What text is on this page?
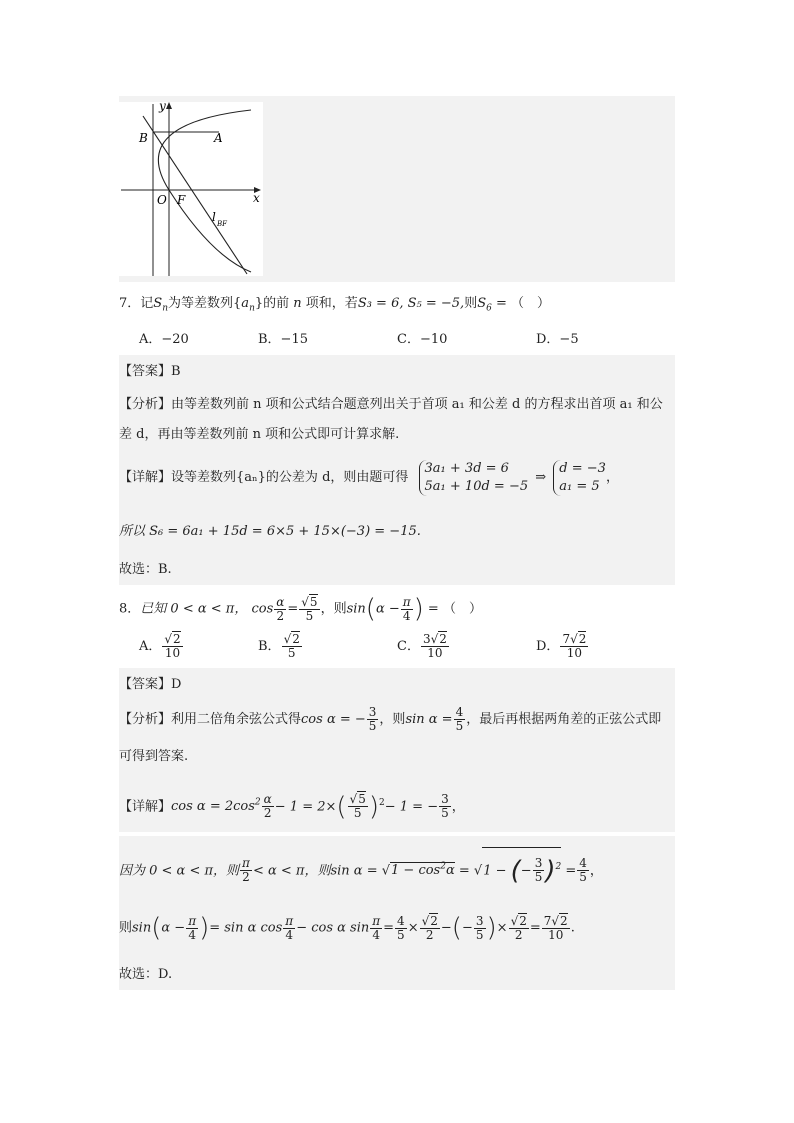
y
x
B	A
O F
l BF
7．记$S_n$为等差数列$\{a_n\}$的前 n 项和，若S₃ = 6, S₅ = −5,则$S_6$ = （　）
A．−20	B．−15	C．−10	D．−5
【答案】B
【分析】由等差数列前 n 项和公式结合题意列出关于首项 a₁ 和公差 d 的方程求出首项 a₁ 和公
差 d，再由等差数列前 n 项和公式即可计算求解.
【详解】设等差数列{aₙ}的公差为 d，则由题可得
3a₁ + 3d = 6
5a₁ + 10d = −5
⇒
d = −3
a₁ = 5
，
所以 S₆ = 6a₁ + 15d = 6×5 + 15×(−3) = −15.
故选：B.
8．已知 0 < α < π， $\cos \frac{\alpha}{2} = \frac{√5}{5}$ ，则$\sin(\alpha - \frac{\pi}{4}$ ) = （　）
A． $\frac{√2}{10}$	B． $\frac{√2}{5}$	C． $\frac{3√2}{10}$	D． $\frac{7√2}{10}$
【答案】D
【分析】利用二倍角余弦公式得cos α = − $\frac{3}{5}$ ，则$\sin \alpha = \frac{4}{5}$ ，最后再根据两角差的正弦公式即
可得到答案.
【详解】$\cos \alpha = 2\cos^2 \frac{\alpha}{2} - 1 = 2\times( \frac{√5}{5} )^2- 1$ = − $\frac{3}{5}$ ，
因为 0 < α < π，则 $\frac{\pi}{2} < \alpha < \pi$，则$\sin \alpha = √1 - \cos^2\alpha = √1$ − (− $\frac{3}{5} )^2 = \frac{4}{5}$ ，
则$\sin(\alpha - \frac{\pi}{4}$ )= sin α $\cos \frac{\pi}{4} - \cos \alpha$ $\sin \frac{\pi}{4} = \frac{4}{5} \times \frac{√2}{2}$ −(− $\frac{3}{5}$ )× $\frac{√2}{2} = \frac{7√2}{10}$ .
故选：D.
